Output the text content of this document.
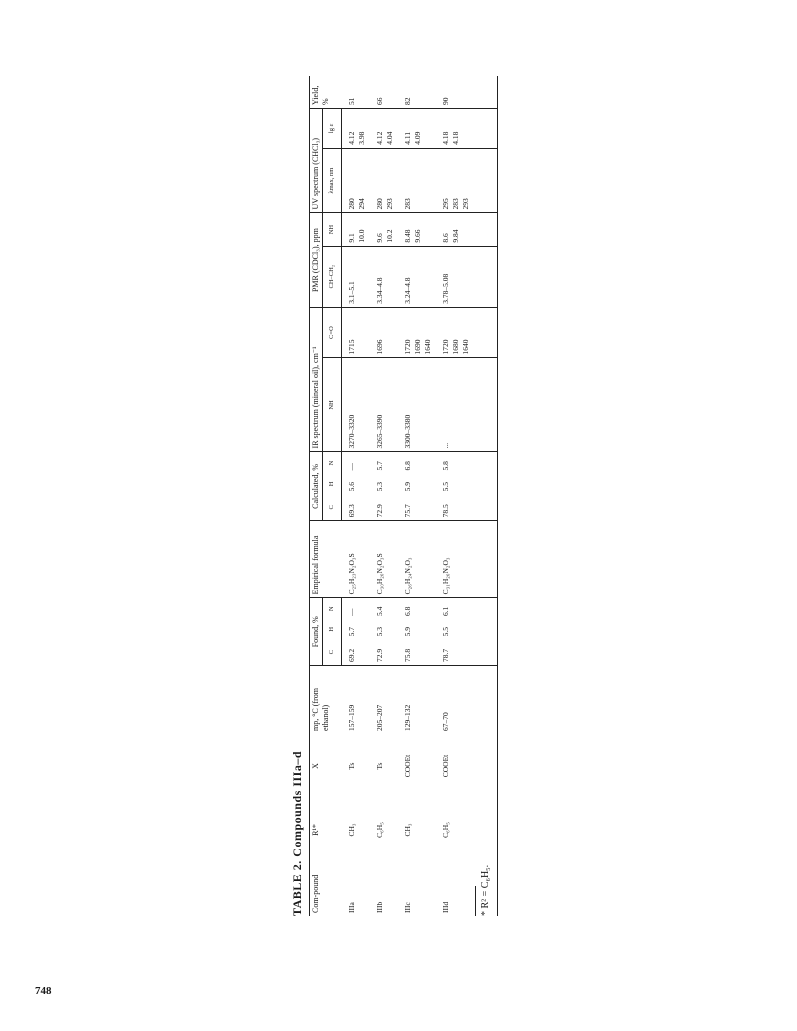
TABLE 2. Compounds IIIa–d Com-pound	R¹*	X	mp, °C (from ethanol)	Found, %			Empirical formula	Calculated, %			IR spectrum (mineral oil), cm⁻¹		PMR (CDCl₃), ppm		UV spectrum (CHCl₃)		Yield, %
				C	H	N		C	H	N	NH	C=O	CH–CH₂	NH	λmax, nm	lg ε	
IIIa	CH₃	Ts	157–159	69.2	5.7	—	C₂₅H₂₃N₂O₃S	69.3	5.6	—	3270–3320	1715	3.1–5.1	9.1 10.0	280 294	4.12 3.98	51
IIIb	C₆H₅	Ts	205–207	72.9	5.3	5.4	C₃₀H₂₆N₂O₃S	72.9	5.3	5.7	3265–3390	1696	3.34–4.8	9.6 10.2	280 293	4.12 4.04	66
IIIc	CH₃	COOEt	129–132	75.8	5.9	6.8	C₂₆H₂₄N₂O₃	75.7	5.9	6.8	3300–3380	1720 1690 1640	3.24–4.8	8.48 9.66	283	4.11 4.09	82
IIId	C₆H₅	COOEt	67–70	78.7	5.5	6.1	C₃₁H₂₆N₂O₃	78.5	5.5	5.8	...	1720 1680 1640	3.78–5.08	8.6 9.84	295 283 293	4.18 4.18	90
* R² = C₆H₅.
748
